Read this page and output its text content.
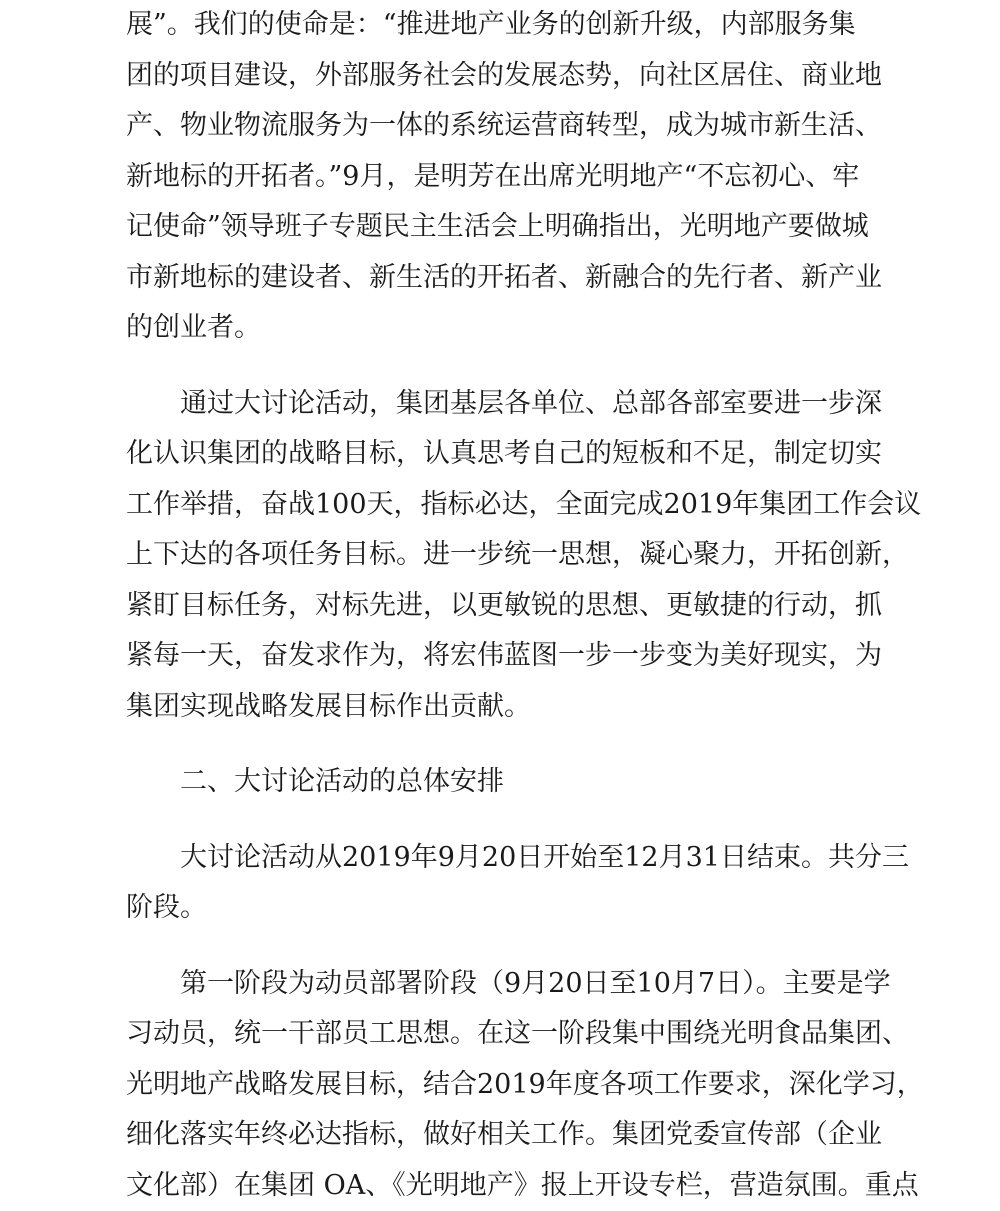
展”。我们的使命是：“推进地产业务的创新升级，内部服务集
团的项目建设，外部服务社会的发展态势，向社区居住、商业地
产、物业物流服务为一体的系统运营商转型，成为城市新生活、
新地标的开拓者。”9月，是明芳在出席光明地产“不忘初心、牢
记使命”领导班子专题民主生活会上明确指出，光明地产要做城
市新地标的建设者、新生活的开拓者、新融合的先行者、新产业
的创业者。
通过大讨论活动，集团基层各单位、总部各部室要进一步深
化认识集团的战略目标，认真思考自己的短板和不足，制定切实
工作举措，奋战100天，指标必达，全面完成2019年集团工作会议
上下达的各项任务目标。进一步统一思想，凝心聚力，开拓创新，
紧盯目标任务，对标先进，以更敏锐的思想、更敏捷的行动，抓
紧每一天，奋发求作为，将宏伟蓝图一步一步变为美好现实，为
集团实现战略发展目标作出贡献。
二、大讨论活动的总体安排
大讨论活动从2019年9月20日开始至12月31日结束。共分三
阶段。
第一阶段为动员部署阶段（9月20日至10月7日）。主要是学
习动员，统一干部员工思想。在这一阶段集中围绕光明食品集团、
光明地产战略发展目标，结合2019年度各项工作要求，深化学习，
细化落实年终必达指标，做好相关工作。集团党委宣传部（企业
文化部）在集团 OA、《光明地产》报上开设专栏，营造氛围。重点
